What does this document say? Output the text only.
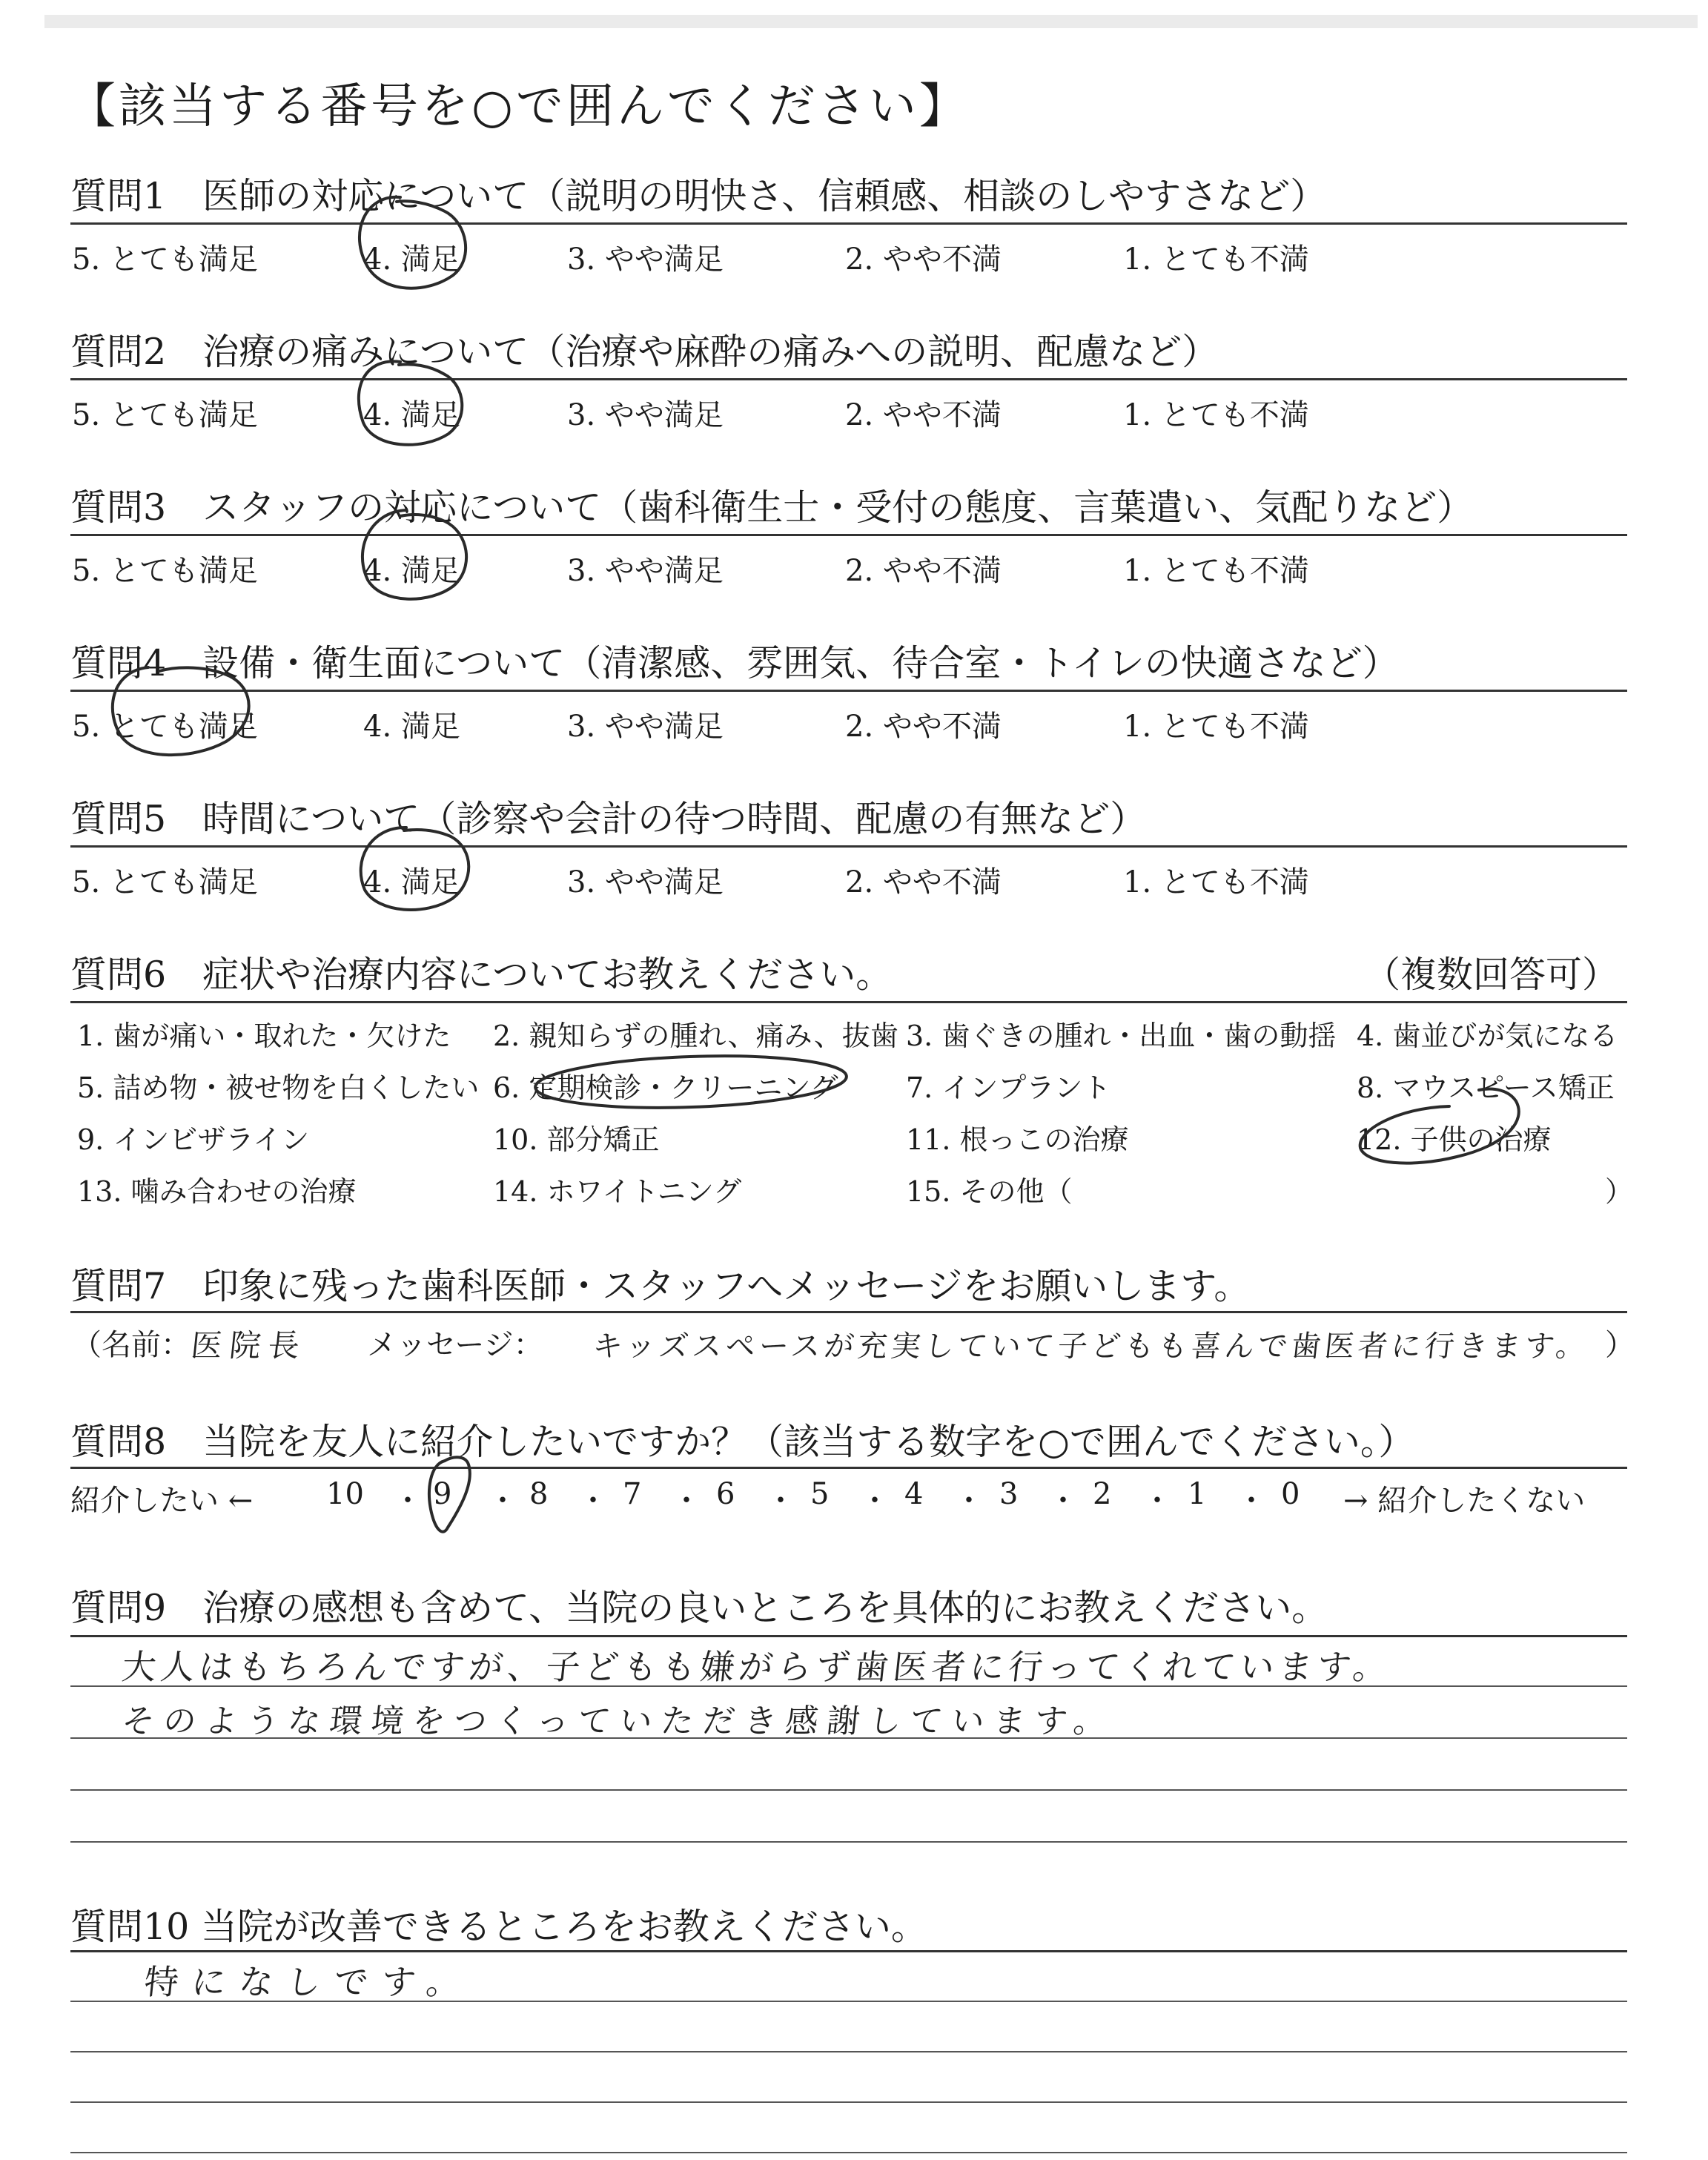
【該当する番号を○で囲んでください】
質問1　医師の対応について（説明の明快さ、信頼感、相談のしやすさなど）
5. とても満足	4. 満足	3. やや満足	2. やや不満	1. とても不満
質問2　治療の痛みについて（治療や麻酔の痛みへの説明、配慮など）
5. とても満足	4. 満足	3. やや満足	2. やや不満	1. とても不満
質問3　スタッフの対応について（歯科衛生士・受付の態度、言葉遣い、気配りなど）
5. とても満足	4. 満足	3. やや満足	2. やや不満	1. とても不満
質問4　設備・衛生面について（清潔感、雰囲気、待合室・トイレの快適さなど）
5. とても満足	4. 満足	3. やや満足	2. やや不満	1. とても不満
質問5　時間について（診察や会計の待つ時間、配慮の有無など）
5. とても満足	4. 満足	3. やや満足	2. やや不満	1. とても不満
質問6　症状や治療内容についてお教えください。	（複数回答可）
1. 歯が痛い・取れた・欠けた 2. 親知らずの腫れ、痛み、抜歯 3. 歯ぐきの腫れ・出血・歯の動揺 4. 歯並びが気になる
5. 詰め物・被せ物を白くしたい 6. 定期検診・クリーニング 7. インプラント	8. マウスピース矯正
9. インビザライン	10. 部分矯正	11. 根っこの治療	12. 子供の治療
13. 噛み合わせの治療	14. ホワイトニング	15. その他（	）
質問7　印象に残った歯科医師・スタッフへメッセージをお願いします。
（名前：
医院長 メッセージ： キッズスペースが充実していて子どもも喜んで歯医者に行きます。 ）
質問8　当院を友人に紹介したいですか？（該当する数字を○で囲んでください。）
紹介したい ← 10 9	8	7	6	5	4	3	2	1	0 → 紹介したくない
・ ・ ・ ・ ・ ・ ・ ・ ・ ・
質問9　治療の感想も含めて、当院の良いところを具体的にお教えください。
大人はもちろんですが、子どもも嫌がらず歯医者に行ってくれています。
そのような環境をつくっていただき感謝しています。
質問10 当院が改善できるところをお教えください。
特になしです。
